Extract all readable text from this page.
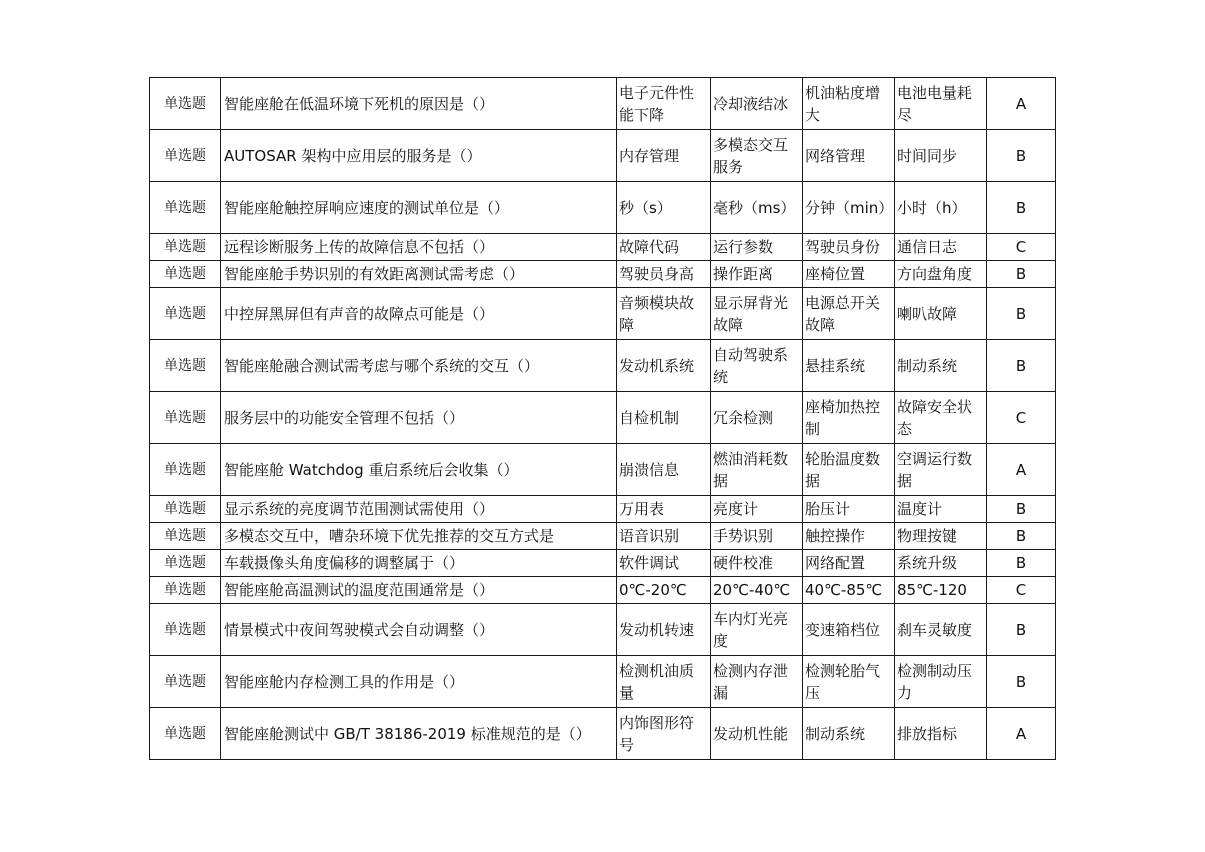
单选题	智能座舱在低温环境下死机的原因是（）	电子元件性能下降	冷却液结冰	机油粘度增大	电池电量耗尽	A
单选题	AUTOSAR 架构中应用层的服务是（）	内存管理	多模态交互服务	网络管理	时间同步	B
单选题	智能座舱触控屏响应速度的测试单位是（）	秒（s）	毫秒（ms）	分钟（min）	小时（h）	B
单选题	远程诊断服务上传的故障信息不包括（）	故障代码	运行参数	驾驶员身份	通信日志	C
单选题	智能座舱手势识别的有效距离测试需考虑（）	驾驶员身高	操作距离	座椅位置	方向盘角度	B
单选题	中控屏黑屏但有声音的故障点可能是（）	音频模块故障	显示屏背光故障	电源总开关故障	喇叭故障	B
单选题	智能座舱融合测试需考虑与哪个系统的交互（）	发动机系统	自动驾驶系统	悬挂系统	制动系统	B
单选题	服务层中的功能安全管理不包括（）	自检机制	冗余检测	座椅加热控制	故障安全状态	C
单选题	智能座舱 Watchdog 重启系统后会收集（）	崩溃信息	燃油消耗数据	轮胎温度数据	空调运行数据	A
单选题	显示系统的亮度调节范围测试需使用（）	万用表	亮度计	胎压计	温度计	B
单选题	多模态交互中，嘈杂环境下优先推荐的交互方式是	语音识别	手势识别	触控操作	物理按键	B
单选题	车载摄像头角度偏移的调整属于（）	软件调试	硬件校准	网络配置	系统升级	B
单选题	智能座舱高温测试的温度范围通常是（）	0℃-20℃	20℃-40℃	40℃-85℃	85℃-120	C
单选题	情景模式中夜间驾驶模式会自动调整（）	发动机转速	车内灯光亮度	变速箱档位	刹车灵敏度	B
单选题	智能座舱内存检测工具的作用是（）	检测机油质量	检测内存泄漏	检测轮胎气压	检测制动压力	B
单选题	智能座舱测试中 GB/T 38186-2019 标准规范的是（）	内饰图形符号	发动机性能	制动系统	排放指标	A
